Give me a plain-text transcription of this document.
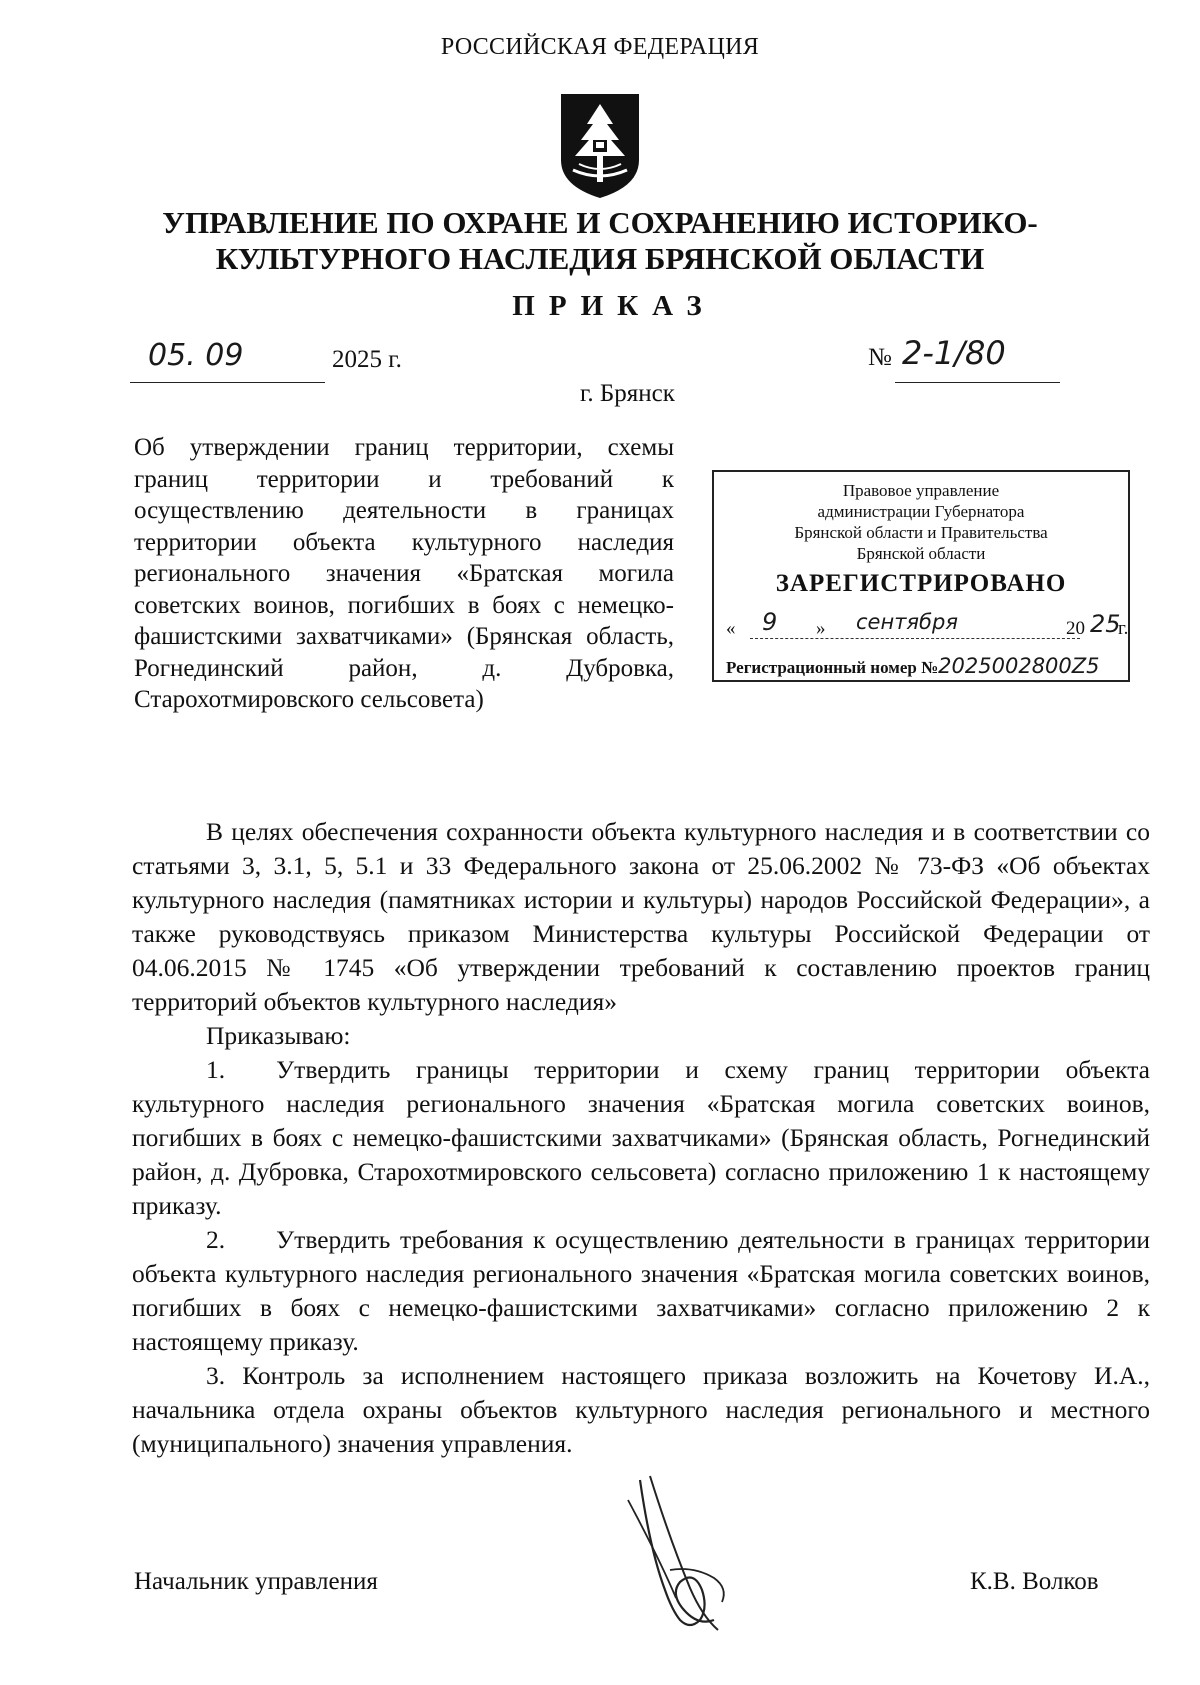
РОССИЙСКАЯ ФЕДЕРАЦИЯ
УПРАВЛЕНИЕ ПО ОХРАНЕ И СОХРАНЕНИЮ ИСТОРИКО-
КУЛЬТУРНОГО НАСЛЕДИЯ БРЯНСКОЙ ОБЛАСТИ
ПРИКАЗ
05. 09	2025 г.	№ 2-1/80
г. Брянск
Об утверждении границ территории, схемы границ территории и требований к осуществлению деятельности в границах территории объекта культурного наследия регионального значения «Братская могила советских воинов, погибших в боях с немецко-фашистскими захватчиками» (Брянская область, Рогнединский район, д. Дубровка, Старохотмировского сельсовета)
Правовое управление
администрации Губернатора
Брянской области и Правительства
Брянской области
ЗАРЕГИСТРИРОВАНО
« 9 » сентября	20 25
г.
Регистрационный номер №2025002800Z5

В целях обеспечения сохранности объекта культурного наследия и в соответствии со статьями 3, 3.1, 5, 5.1 и 33 Федерального закона от 25.06.2002 № 73-ФЗ «Об объектах культурного наследия (памятниках истории и культуры) народов Российской Федерации», а также руководствуясь приказом Министерства культуры Российской Федерации от 04.06.2015 № 1745 «Об утверждении требований к составлению проектов границ территорий объектов культурного наследия»

Приказываю:

1.  Утвердить границы территории и схему границ территории объекта культурного наследия регионального значения «Братская могила советских воинов, погибших в боях с немецко-фашистскими захватчиками» (Брянская область, Рогнединский район, д. Дубровка, Старохотмировского сельсовета) согласно приложению 1 к настоящему приказу.

2.  Утвердить требования к осуществлению деятельности в границах территории объекта культурного наследия регионального значения «Братская могила советских воинов, погибших в боях с немецко-фашистскими захватчиками» согласно приложению 2 к настоящему приказу.

3. Контроль за исполнением настоящего приказа возложить на Кочетову И.А., начальника отдела охраны объектов культурного наследия регионального и местного (муниципального) значения управления.

Начальник управления	К.В. Волков
